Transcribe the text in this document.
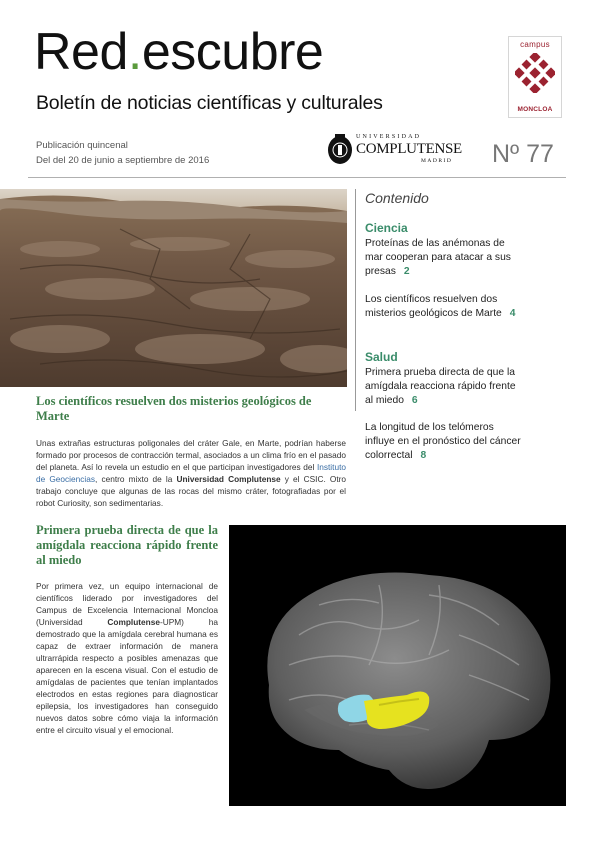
Red.escubre
Boletín de noticias científicas y culturales
campus
MONCLOA
Publicación quincenal
Del del 20 de junio a septiembre de 2016
UNIVERSIDAD
COMPLUTENSE
MADRID Nº 77
Los científicos resuelven dos misterios geológicos de Marte
Unas extrañas estructuras poligonales del cráter Gale, en Marte, podrían haberse formado por procesos de contracción termal, asociados a un clima frío en el pasado del planeta. Así lo revela un estudio en el que participan investigadores del Instituto de Geociencias, centro mixto de la Universidad Complutense y el CSIC. Otro trabajo concluye que algunas de las rocas del mismo cráter, fotografiadas por el robot Curiosity, son sedimentarias.
Contenido
Ciencia
Proteínas de las anémonas de mar cooperan para atacar a sus presas 2
Los científicos resuelven dos misterios geológicos de Marte 4
Salud
Primera prueba directa de que la amígdala reacciona rápido frente al miedo 6
La longitud de los telómeros influye en el pronóstico del cáncer colorrectal 8
Primera prueba directa de que la amígdala reacciona rápido frente al miedo
Por primera vez, un equipo internacional de científicos liderado por investigadores del Campus de Excelencia Internacional Moncloa (Universidad Complutense-UPM) ha demostrado que la amígdala cerebral humana es capaz de extraer información de manera ultrarrápida respecto a posibles amenazas que aparecen en la escena visual. Con el estudio de amígdalas de pacientes que tenían implantados electrodos en estas regiones para diagnosticar epilepsia, los investigadores han conseguido nuevos datos sobre cómo viaja la información entre el circuito visual y el emocional.
